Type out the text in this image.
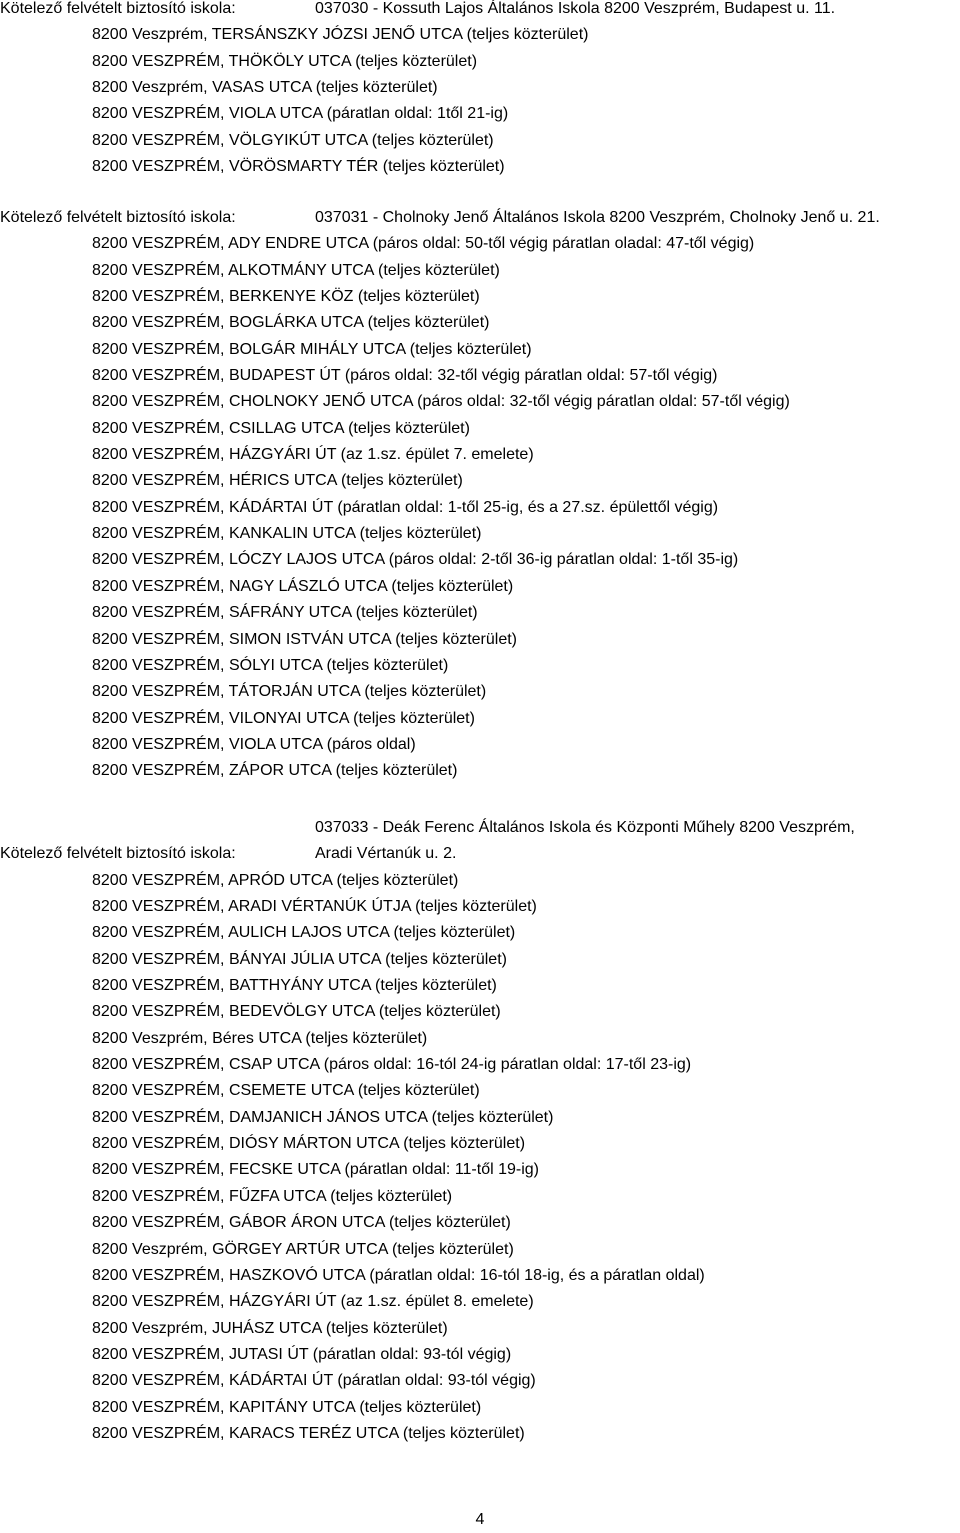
Kötelező felvételt biztosító iskola:	037030 - Kossuth Lajos Általános Iskola 8200 Veszprém, Budapest u. 11.
8200 Veszprém, TERSÁNSZKY JÓZSI JENŐ UTCA (teljes közterület)
8200 VESZPRÉM, THÖKÖLY UTCA (teljes közterület)
8200 Veszprém, VASAS UTCA (teljes közterület)
8200 VESZPRÉM, VIOLA UTCA (páratlan oldal: 1től 21-ig)
8200 VESZPRÉM, VÖLGYIKÚT UTCA (teljes közterület)
8200 VESZPRÉM, VÖRÖSMARTY TÉR (teljes közterület)
Kötelező felvételt biztosító iskola:	037031 - Cholnoky Jenő Általános Iskola 8200 Veszprém, Cholnoky Jenő u. 21.
8200 VESZPRÉM, ADY ENDRE UTCA (páros oldal: 50-től végig páratlan oladal: 47-től végig)
8200 VESZPRÉM, ALKOTMÁNY UTCA (teljes közterület)
8200 VESZPRÉM, BERKENYE KÖZ (teljes közterület)
8200 VESZPRÉM, BOGLÁRKA UTCA (teljes közterület)
8200 VESZPRÉM, BOLGÁR MIHÁLY UTCA (teljes közterület)
8200 VESZPRÉM, BUDAPEST ÚT (páros oldal: 32-től végig páratlan oldal: 57-től végig)
8200 VESZPRÉM, CHOLNOKY JENŐ UTCA (páros oldal: 32-től végig páratlan oldal: 57-től végig)
8200 VESZPRÉM, CSILLAG UTCA (teljes közterület)
8200 VESZPRÉM, HÁZGYÁRI ÚT (az 1.sz. épület 7. emelete)
8200 VESZPRÉM, HÉRICS UTCA (teljes közterület)
8200 VESZPRÉM, KÁDÁRTAI ÚT (páratlan oldal: 1-től 25-ig, és a 27.sz. épülettől végig)
8200 VESZPRÉM, KANKALIN UTCA (teljes közterület)
8200 VESZPRÉM, LÓCZY LAJOS UTCA (páros oldal: 2-től 36-ig páratlan oldal: 1-től 35-ig)
8200 VESZPRÉM, NAGY LÁSZLÓ UTCA (teljes közterület)
8200 VESZPRÉM, SÁFRÁNY UTCA (teljes közterület)
8200 VESZPRÉM, SIMON ISTVÁN UTCA (teljes közterület)
8200 VESZPRÉM, SÓLYI UTCA (teljes közterület)
8200 VESZPRÉM, TÁTORJÁN UTCA (teljes közterület)
8200 VESZPRÉM, VILONYAI UTCA (teljes közterület)
8200 VESZPRÉM, VIOLA UTCA (páros oldal)
8200 VESZPRÉM, ZÁPOR UTCA (teljes közterület)
Kötelező felvételt biztosító iskola:
037033 - Deák Ferenc Általános Iskola és Központi Műhely 8200 Veszprém,
Aradi Vértanúk u. 2.
8200 VESZPRÉM, APRÓD UTCA (teljes közterület)
8200 VESZPRÉM, ARADI VÉRTANÚK ÚTJA (teljes közterület)
8200 VESZPRÉM, AULICH LAJOS UTCA (teljes közterület)
8200 VESZPRÉM, BÁNYAI JÚLIA UTCA (teljes közterület)
8200 VESZPRÉM, BATTHYÁNY UTCA (teljes közterület)
8200 VESZPRÉM, BEDEVÖLGY UTCA (teljes közterület)
8200 Veszprém, Béres UTCA (teljes közterület)
8200 VESZPRÉM, CSAP UTCA (páros oldal: 16-tól 24-ig páratlan oldal: 17-től 23-ig)
8200 VESZPRÉM, CSEMETE UTCA (teljes közterület)
8200 VESZPRÉM, DAMJANICH JÁNOS UTCA (teljes közterület)
8200 VESZPRÉM, DIÓSY MÁRTON UTCA (teljes közterület)
8200 VESZPRÉM, FECSKE UTCA (páratlan oldal: 11-től 19-ig)
8200 VESZPRÉM, FŰZFA UTCA (teljes közterület)
8200 VESZPRÉM, GÁBOR ÁRON UTCA (teljes közterület)
8200 Veszprém, GÖRGEY ARTÚR UTCA (teljes közterület)
8200 VESZPRÉM, HASZKOVÓ UTCA (páratlan oldal: 16-tól 18-ig, és a páratlan oldal)
8200 VESZPRÉM, HÁZGYÁRI ÚT (az 1.sz. épület 8. emelete)
8200 Veszprém, JUHÁSZ UTCA (teljes közterület)
8200 VESZPRÉM, JUTASI ÚT (páratlan oldal: 93-tól végig)
8200 VESZPRÉM, KÁDÁRTAI ÚT (páratlan oldal: 93-tól végig)
8200 VESZPRÉM, KAPITÁNY UTCA (teljes közterület)
8200 VESZPRÉM, KARACS TERÉZ UTCA (teljes közterület)
4
